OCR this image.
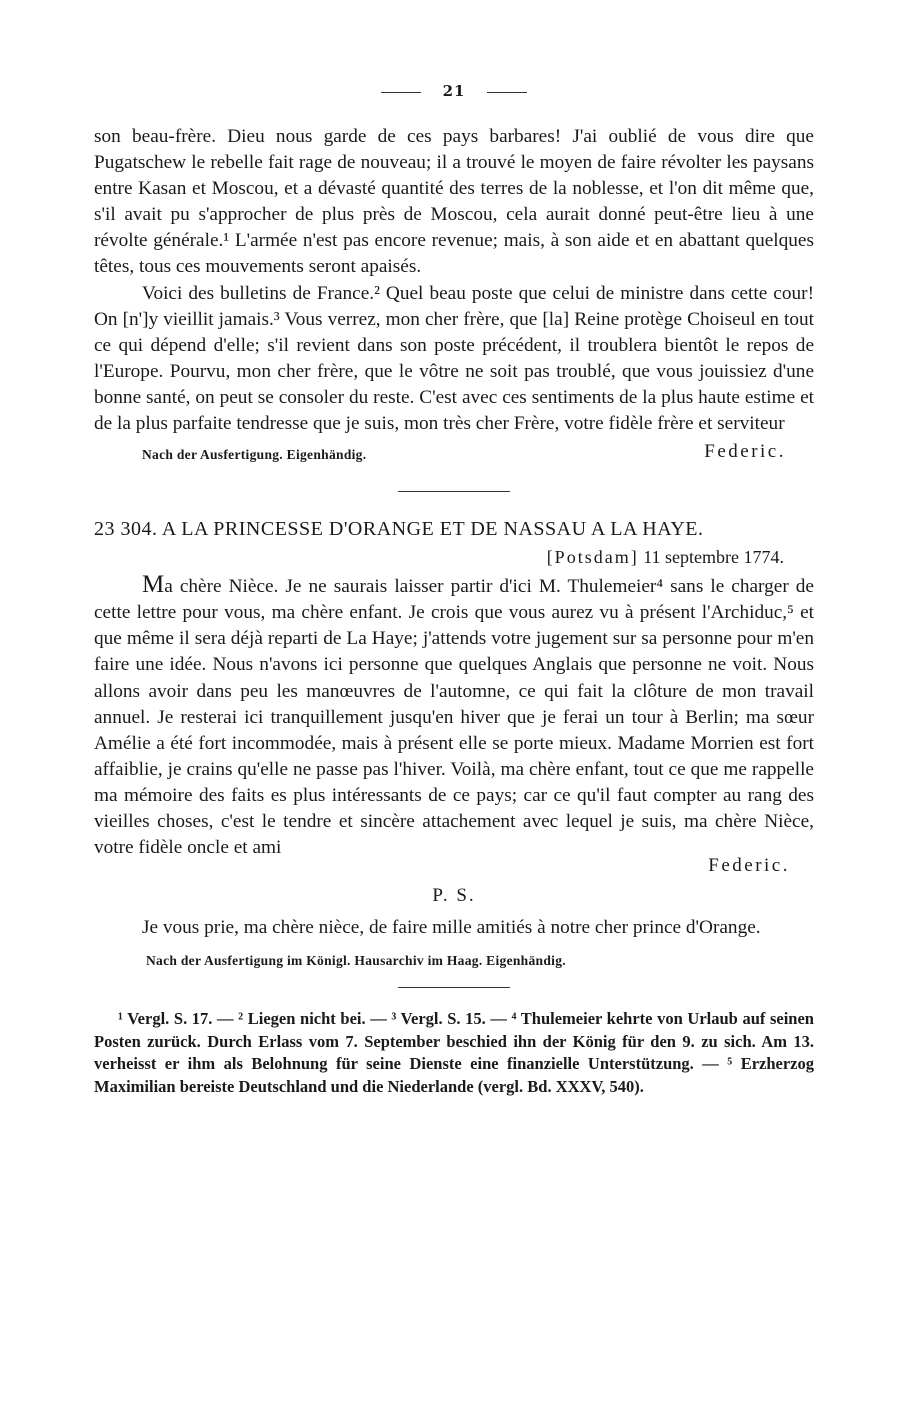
21

son beau-frère. Dieu nous garde de ces pays barbares! J'ai oublié de vous dire que Pugatschew le rebelle fait rage de nouveau; il a trouvé le moyen de faire révolter les paysans entre Kasan et Moscou, et a dévasté quantité des terres de la noblesse, et l'on dit même que, s'il avait pu s'approcher de plus près de Moscou, cela aurait donné peut-être lieu à une révolte générale.¹ L'armée n'est pas encore revenue; mais, à son aide et en abattant quelques têtes, tous ces mouvements seront apaisés.

Voici des bulletins de France.² Quel beau poste que celui de ministre dans cette cour! On [n']y vieillit jamais.³ Vous verrez, mon cher frère, que [la] Reine protège Choiseul en tout ce qui dépend d'elle; s'il revient dans son poste précédent, il troublera bientôt le repos de l'Europe. Pourvu, mon cher frère, que le vôtre ne soit pas troublé, que vous jouissiez d'une bonne santé, on peut se consoler du reste. C'est avec ces sentiments de la plus haute estime et de la plus parfaite tendresse que je suis, mon très cher Frère, votre fidèle frère et serviteur

Nach der Ausfertigung. Eigenhändig.	Federic.

23 304. A LA PRINCESSE D'ORANGE ET DE NASSAU A LA HAYE.

[Potsdam] 11 septembre 1774.

Ma chère Nièce. Je ne saurais laisser partir d'ici M. Thulemeier⁴ sans le charger de cette lettre pour vous, ma chère enfant. Je crois que vous aurez vu à présent l'Archiduc,⁵ et que même il sera déjà reparti de La Haye; j'attends votre jugement sur sa personne pour m'en faire une idée. Nous n'avons ici personne que quelques Anglais que personne ne voit. Nous allons avoir dans peu les manœuvres de l'automne, ce qui fait la clôture de mon travail annuel. Je resterai ici tranquillement jusqu'en hiver que je ferai un tour à Berlin; ma sœur Amélie a été fort incommodée, mais à présent elle se porte mieux. Madame Morrien est fort affaiblie, je crains qu'elle ne passe pas l'hiver. Voilà, ma chère enfant, tout ce que me rappelle ma mémoire des faits es plus intéressants de ce pays; car ce qu'il faut compter au rang des vieilles choses, c'est le tendre et sincère attachement avec lequel je suis, ma chère Nièce, votre fidèle oncle et ami

Federic.
P. S.

Je vous prie, ma chère nièce, de faire mille amitiés à notre cher prince d'Orange.

Nach der Ausfertigung im Königl. Hausarchiv im Haag. Eigenhändig.

¹ Vergl. S. 17. — ² Liegen nicht bei. — ³ Vergl. S. 15. — ⁴ Thulemeier kehrte von Urlaub auf seinen Posten zurück. Durch Erlass vom 7. September beschied ihn der König für den 9. zu sich. Am 13. verheisst er ihm als Belohnung für seine Dienste eine finanzielle Unterstützung. — ⁵ Erzherzog Maximilian bereiste Deutschland und die Niederlande (vergl. Bd. XXXV, 540).
